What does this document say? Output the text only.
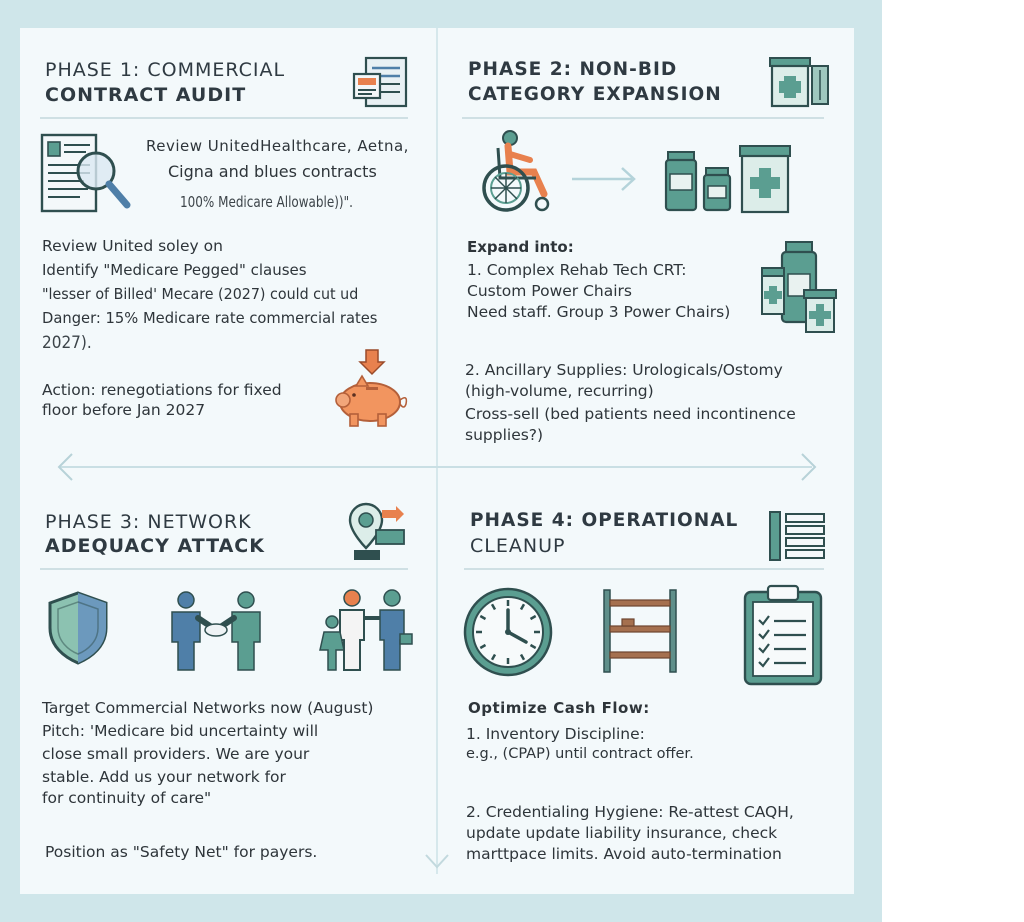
PHASE 1: COMMERCIAL
CONTRACT AUDIT
Review UnitedHealthcare, Aetna,
Cigna and blues contracts
100% Medicare Allowable))".
Review United soley on
Identify "Medicare Pegged" clauses
"lesser of Billed' Mecare (2027) could cut ud
Danger: 15% Medicare rate commercial rates
2027).
Action: renegotiations for fixed
floor before Jan 2027
PHASE 2: NON-BID
CATEGORY EXPANSION
Expand into:
1. Complex Rehab Tech CRT:
Custom Power Chairs
Need staff. Group 3 Power Chairs)
2. Ancillary Supplies: Urologicals/Ostomy
(high-volume, recurring)
Cross-sell (bed patients need incontinence
supplies?)
PHASE 3: NETWORK
ADEQUACY ATTACK
Target Commercial Networks now (August)
Pitch: 'Medicare bid uncertainty will
close small providers. We are your
stable. Add us your network for
for continuity of care"
Position as "Safety Net" for payers.
PHASE 4: OPERATIONAL
CLEANUP
Optimize Cash Flow:
1. Inventory Discipline:
e.g., (CPAP) until contract offer.
2. Credentialing Hygiene: Re-attest CAQH,
update update liability insurance, check
marttpace limits. Avoid auto-termination
